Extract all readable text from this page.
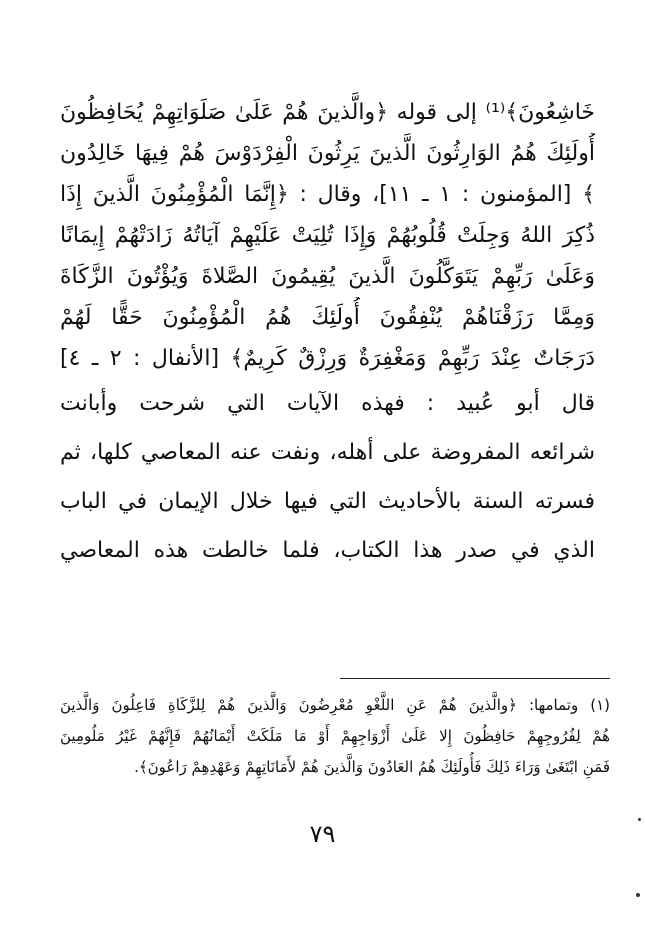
خَاشِعُونَ﴾⁽¹⁾ إلى قوله ﴿والَّذينَ هُمْ عَلَىٰ صَلَوَاتِهِمْ يُحَافِظُونَ
أُولَئِكَ هُمُ الوَارِثُونَ الَّذينَ يَرِثُونَ الْفِرْدَوْسَ هُمْ فِيهَا خَالِدُون
﴾ [المؤمنون : ١ ـ ١١]، وقال : ﴿إِنَّمَا الْمُؤْمِنُونَ الَّذينَ إِذَا
ذُكِرَ اللهُ وَجِلَتْ قُلُوبُهُمْ وَإِذَا تُلِيَتْ عَلَيْهِمْ آيَاتُهُ زَادَتْهُمْ إِيمَانًا
وَعَلَىٰ رَبِّهِمْ يَتَوَكَّلُونَ الَّذينَ يُقِيمُونَ الصَّلاةَ وَيُؤْتُونَ الزَّكَاةَ
وَمِمَّا رَزَقْنَاهُمْ يُنْفِقُونَ أُولَئِكَ هُمُ الْمُؤْمِنُونَ حَقًّا لَهُمْ
دَرَجَاتٌ عِنْدَ رَبِّهِمْ وَمَغْفِرَةٌ وَرِزْقٌ كَرِيمٌ﴾ [الأنفال : ٢ ـ ٤]
قال أبو عُبيد : فهذه الآيات التي شرحت وأبانت
شرائعه المفروضة على أهله، ونفت عنه المعاصي كلها، ثم
فسرته السنة بالأحاديث التي فيها خلال الإيمان في الباب
الذي في صدر هذا الكتاب، فلما خالطت هذه المعاصي
(١) وتمامها: ﴿والَّذينَ هُمْ عَنِ اللَّغْوِ مُعْرِضُونَ وَالَّذينَ هُمْ لِلزَّكَاةِ فَاعِلُونَ وَالَّذينَ
هُمْ لِفُرُوجِهِمْ حَافِظُونَ إِلا عَلَىٰ أَزْوَاجِهِمْ أَوْ مَا مَلَكَتْ أَيْمَانُهُمْ فَإِنَّهُمْ غَيْرُ مَلُومِينَ
فَمَنِ ابْتَغَىٰ وَرَاءَ ذَلِكَ فَأُولَئِكَ هُمُ العَادُونَ وَالَّذينَ هُمْ لأَمَانَاتِهِمْ وَعَهْدِهِمْ رَاعُونَ﴾.
٧٩
